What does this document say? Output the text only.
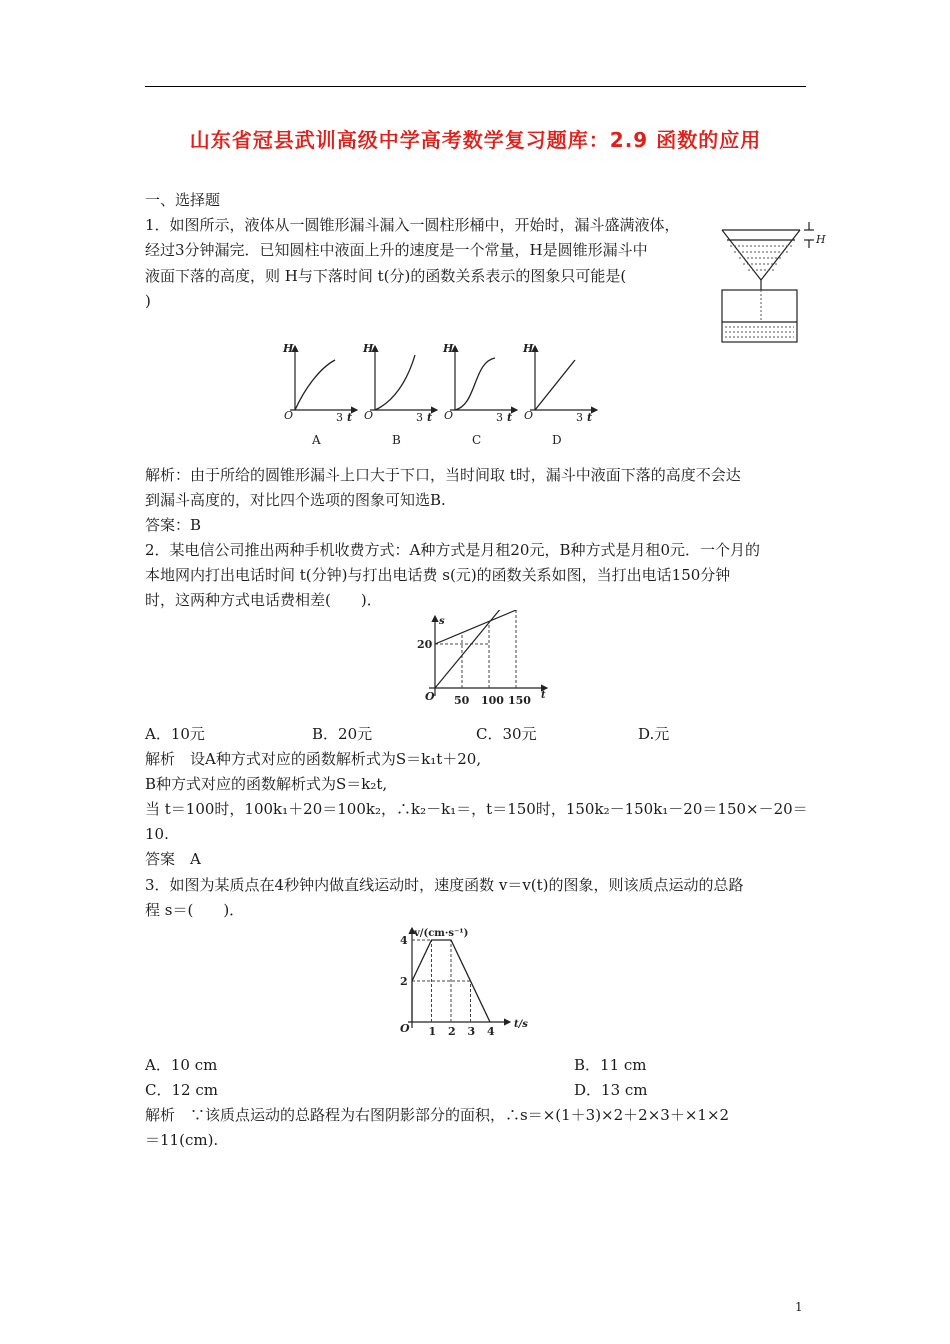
山东省冠县武训高级中学高考数学复习题库：2.9 函数的应用
一、选择题
1．如图所示，液体从一圆锥形漏斗漏入一圆柱形桶中，开始时，漏斗盛满液体，
经过3分钟漏完．已知圆柱中液面上升的速度是一个常量，H是圆锥形漏斗中
液面下落的高度，则 H与下落时间 t(分)的函数关系表示的图象只可能是(
)
H
H
O	3 t
A
H
O	3 t
B
H
O	3 t
C
H
O	3 t
D
解析：由于所给的圆锥形漏斗上口大于下口，当时间取 t时，漏斗中液面下落的高度不会达
到漏斗高度的，对比四个选项的图象可知选B.
答案：B
2．某电信公司推出两种手机收费方式：A种方式是月租20元，B种方式是月租0元．一个月的
本地网内打出电话时间 t(分钟)与打出电话费 s(元)的函数关系如图，当打出电话150分钟
时，这两种方式电话费相差(　　)．
s
t
O
20
50 100 150
A．10元	B．20元	C．30元	D.元
解析　设A种方式对应的函数解析式为S＝k₁t＋20,
B种方式对应的函数解析式为S＝k₂t,
当 t＝100时，100k₁＋20＝100k₂，∴k₂－k₁＝，t＝150时，150k₂－150k₁－20＝150×－20＝
10.
答案　A
3．如图为某质点在4秒钟内做直线运动时，速度函数 v＝v(t)的图象，则该质点运动的总路
程 s＝(　　)．
v/(cm·s⁻¹)
t/s
O
2
4
1 2 3 4
A．10 cm	B．11 cm
C．12 cm	D．13 cm
解析　∵该质点运动的总路程为右图阴影部分的面积，∴s＝×(1＋3)×2＋2×3＋×1×2
＝11(cm).
1
